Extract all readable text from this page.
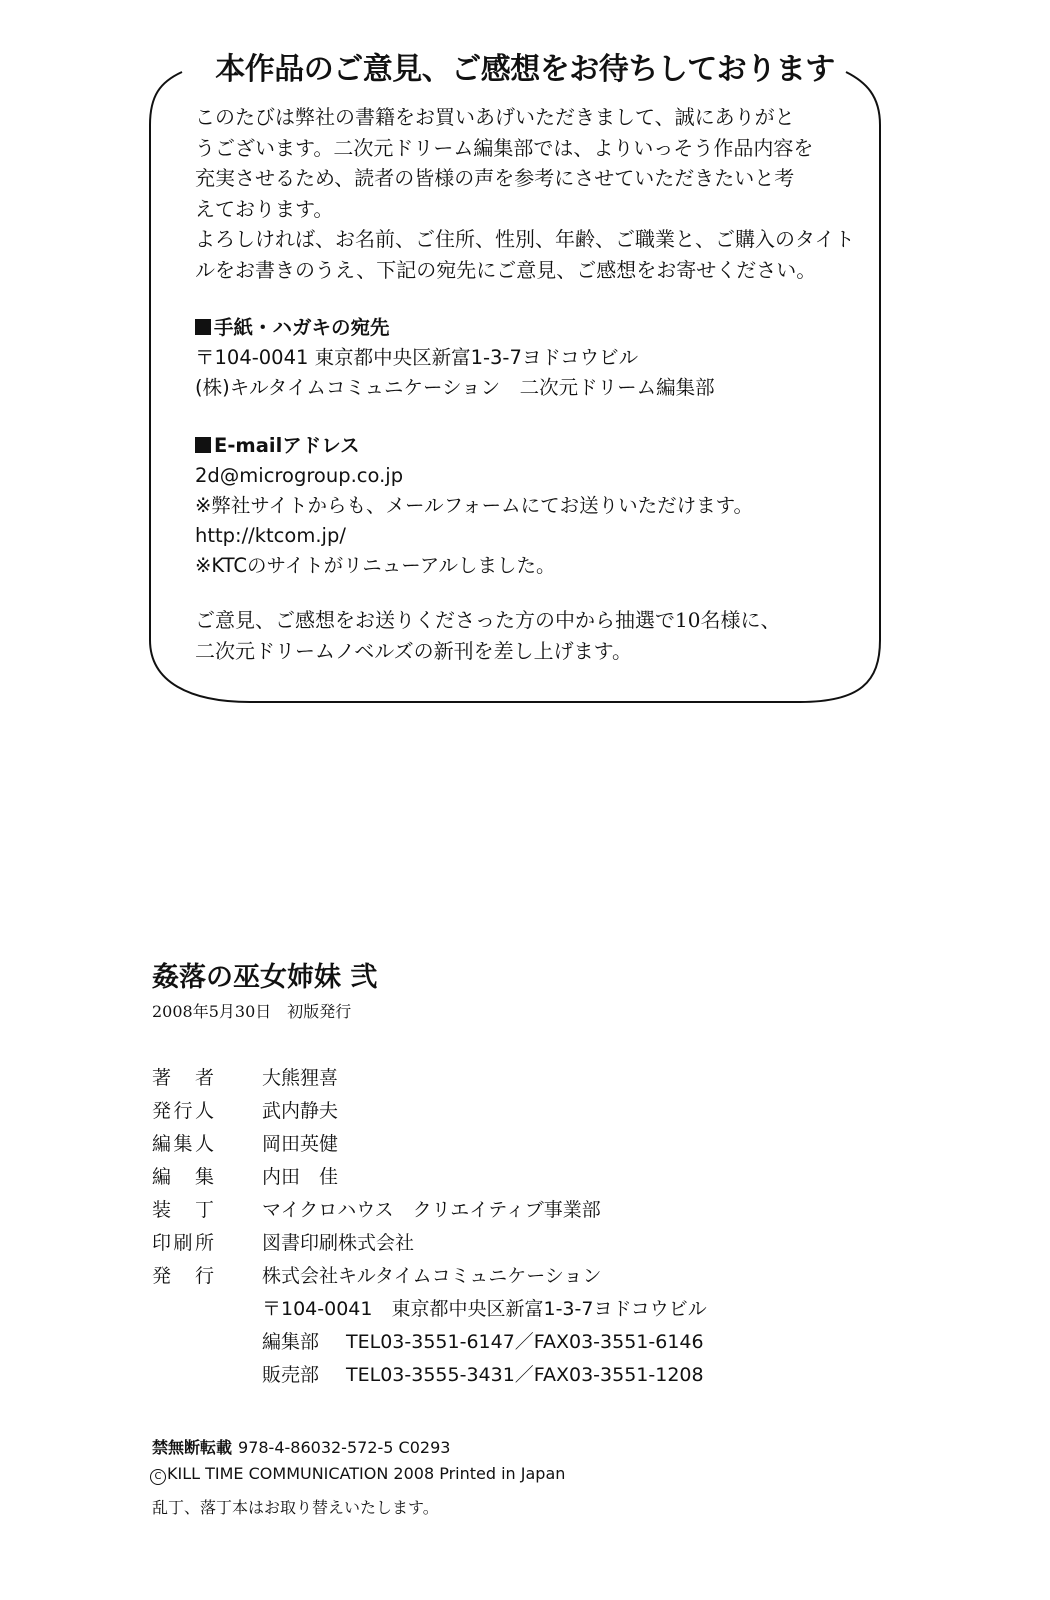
本作品のご意見、ご感想をお待ちしております

このたびは弊社の書籍をお買いあげいただきまして、誠にありがと

うございます。二次元ドリーム編集部では、よりいっそう作品内容を

充実させるため、読者の皆様の声を参考にさせていただきたいと考

えております。

よろしければ、お名前、ご住所、性別、年齢、ご職業と、ご購入のタイト

ルをお書きのうえ、下記の宛先にご意見、ご感想をお寄せください。

手紙・ハガキの宛先

〒104-0041 東京都中央区新富1-3-7ヨドコウビル

(株)キルタイムコミュニケーション　二次元ドリーム編集部

E-mailアドレス

2d@microgroup.co.jp

※弊社サイトからも、メールフォームにてお送りいただけます。

http://ktcom.jp/

※KTCのサイトがリニューアルしました。

ご意見、ご感想をお送りくださった方の中から抽選で10名様に、

二次元ドリームノベルズの新刊を差し上げます。

姦落の巫女姉妹 弐
2008年5月30日　初版発行
著者	大熊狸喜
発行人	武内静夫
編集人	岡田英健
編集	内田　佳
装丁	マイクロハウス　クリエイティブ事業部
印刷所	図書印刷株式会社
発行	株式会社キルタイムコミュニケーション
〒104-0041　東京都中央区新富1-3-7ヨドコウビル
編集部 TEL03-3551-6147／FAX03-3551-6146
販売部 TEL03-3555-3431／FAX03-3551-1208
禁無断転載 978-4-86032-572-5 C0293
C KILL TIME COMMUNICATION 2008 Printed in Japan
乱丁、落丁本はお取り替えいたします。
